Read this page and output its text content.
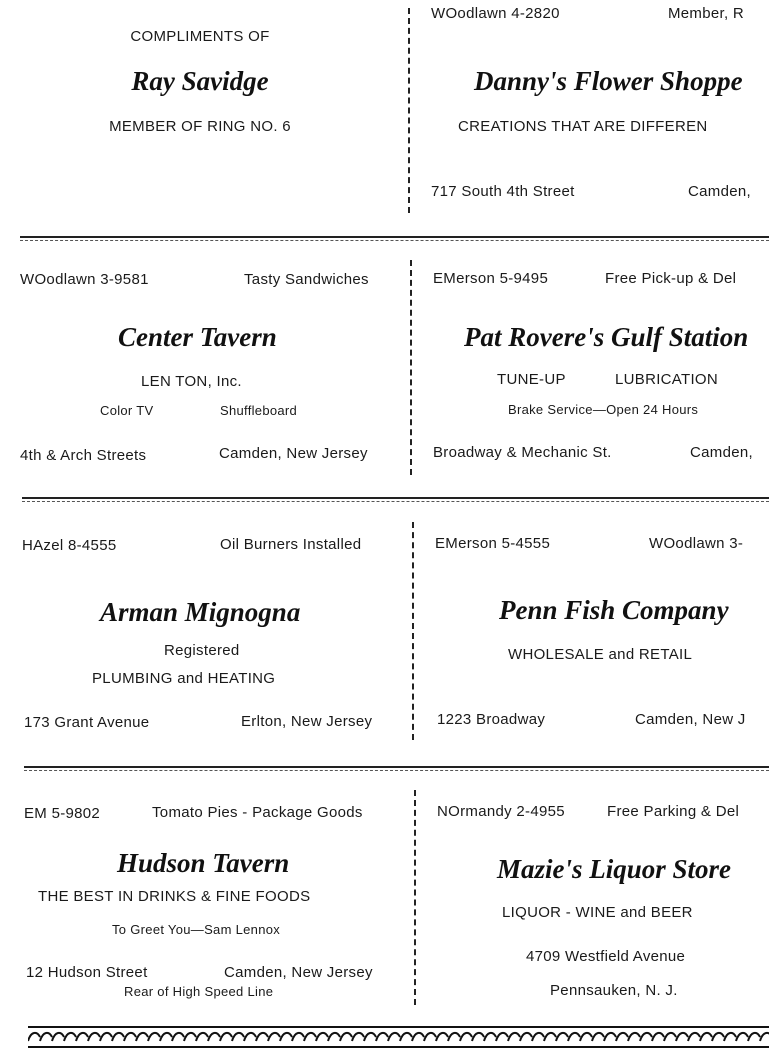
COMPLIMENTS OF
Ray Savidge
MEMBER OF RING NO. 6
WOodlawn 4-2820	Member, R
Danny's Flower Shoppe
CREATIONS THAT ARE DIFFEREN
717 South 4th Street	Camden,
WOodlawn 3-9581	Tasty Sandwiches
Center Tavern
LEN TON, Inc.
Color TV	Shuffleboard
4th & Arch Streets	Camden, New Jersey
EMerson 5-9495	Free Pick-up & Del
Pat Rovere's Gulf Station
TUNE-UP	LUBRICATION
Brake Service—Open 24 Hours
Broadway & Mechanic St.	Camden,
HAzel 8-4555	Oil Burners Installed
Arman Mignogna
Registered
PLUMBING and HEATING
173 Grant Avenue	Erlton, New Jersey
EMerson 5-4555	WOodlawn 3-
Penn Fish Company
WHOLESALE and RETAIL
1223 Broadway	Camden, New J
EM 5-9802	Tomato Pies - Package Goods
Hudson Tavern
THE BEST IN DRINKS & FINE FOODS
To Greet You—Sam Lennox
12 Hudson Street	Camden, New Jersey
Rear of High Speed Line
NOrmandy 2-4955	Free Parking & Del
Mazie's Liquor Store
LIQUOR - WINE and BEER
4709 Westfield Avenue
Pennsauken, N. J.
